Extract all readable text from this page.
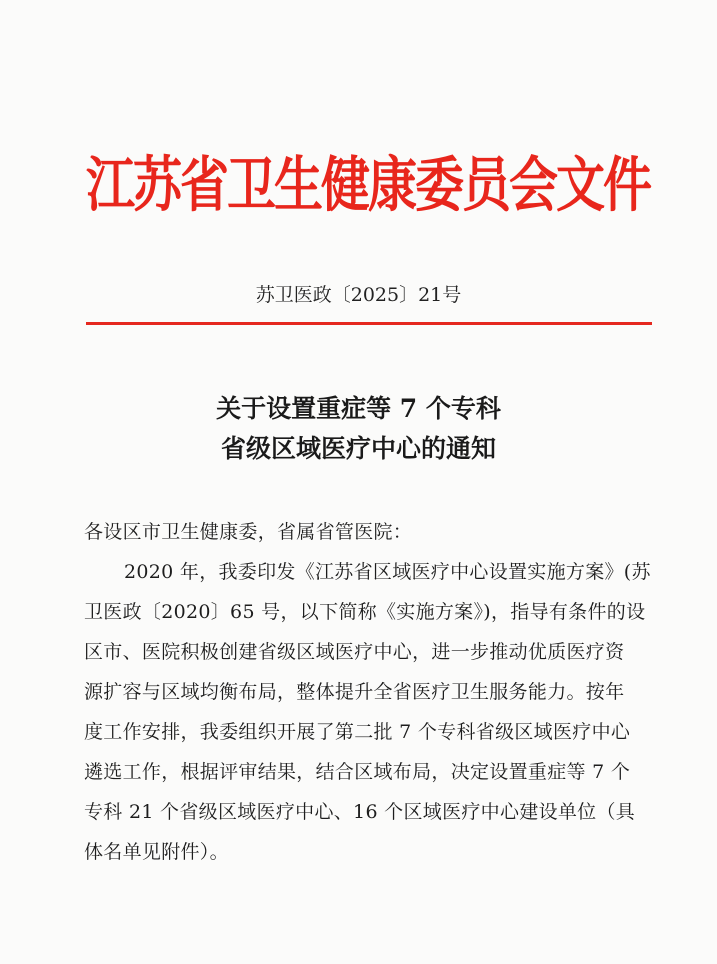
江苏省卫生健康委员会文件
苏卫医政〔2025〕21号
关于设置重症等 7 个专科
省级区域医疗中心的通知
各设区市卫生健康委，省属省管医院：
2020 年，我委印发《江苏省区域医疗中心设置实施方案》(苏
卫医政〔2020〕65 号，以下简称《实施方案》)，指导有条件的设
区市、医院积极创建省级区域医疗中心，进一步推动优质医疗资
源扩容与区域均衡布局，整体提升全省医疗卫生服务能力。按年
度工作安排，我委组织开展了第二批 7 个专科省级区域医疗中心
遴选工作，根据评审结果，结合区域布局，决定设置重症等 7 个
专科 21 个省级区域医疗中心、16 个区域医疗中心建设单位（具
体名单见附件）。
